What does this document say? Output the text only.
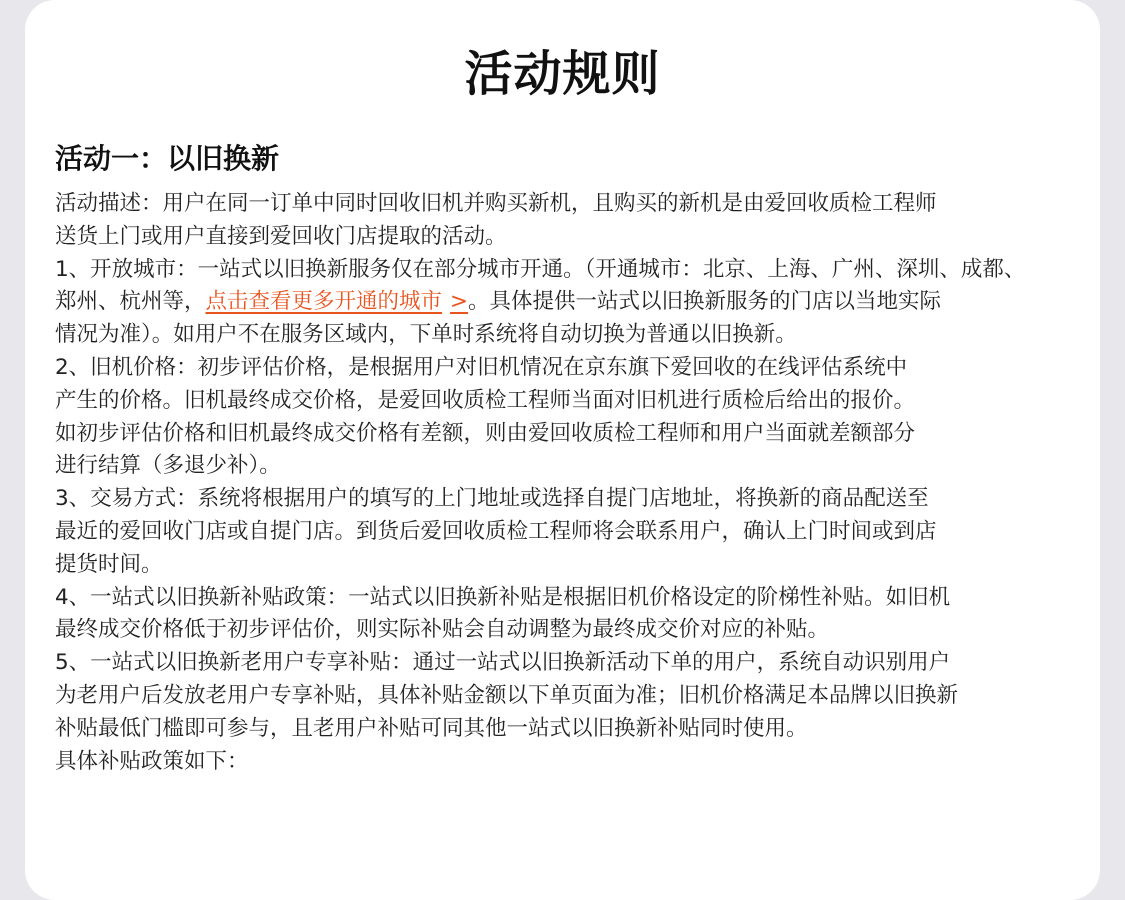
活动规则
活动一：以旧换新
活动描述：用户在同一订单中同时回收旧机并购买新机，且购买的新机是由爱回收质检工程师
送货上门或用户直接到爱回收门店提取的活动。
1、开放城市：一站式以旧换新服务仅在部分城市开通。（开通城市：北京、上海、广州、深圳、成都、
郑州、杭州等，点击查看更多开通的城市 >。具体提供一站式以旧换新服务的门店以当地实际
情况为准）。如用户不在服务区域内，下单时系统将自动切换为普通以旧换新。
2、旧机价格：初步评估价格，是根据用户对旧机情况在京东旗下爱回收的在线评估系统中
产生的价格。旧机最终成交价格，是爱回收质检工程师当面对旧机进行质检后给出的报价。
如初步评估价格和旧机最终成交价格有差额，则由爱回收质检工程师和用户当面就差额部分
进行结算（多退少补）。
3、交易方式：系统将根据用户的填写的上门地址或选择自提门店地址，将换新的商品配送至
最近的爱回收门店或自提门店。到货后爱回收质检工程师将会联系用户，确认上门时间或到店
提货时间。
4、一站式以旧换新补贴政策：一站式以旧换新补贴是根据旧机价格设定的阶梯性补贴。如旧机
最终成交价格低于初步评估价，则实际补贴会自动调整为最终成交价对应的补贴。
5、一站式以旧换新老用户专享补贴：通过一站式以旧换新活动下单的用户，系统自动识别用户
为老用户后发放老用户专享补贴，具体补贴金额以下单页面为准；旧机价格满足本品牌以旧换新
补贴最低门槛即可参与，且老用户补贴可同其他一站式以旧换新补贴同时使用。
具体补贴政策如下：
